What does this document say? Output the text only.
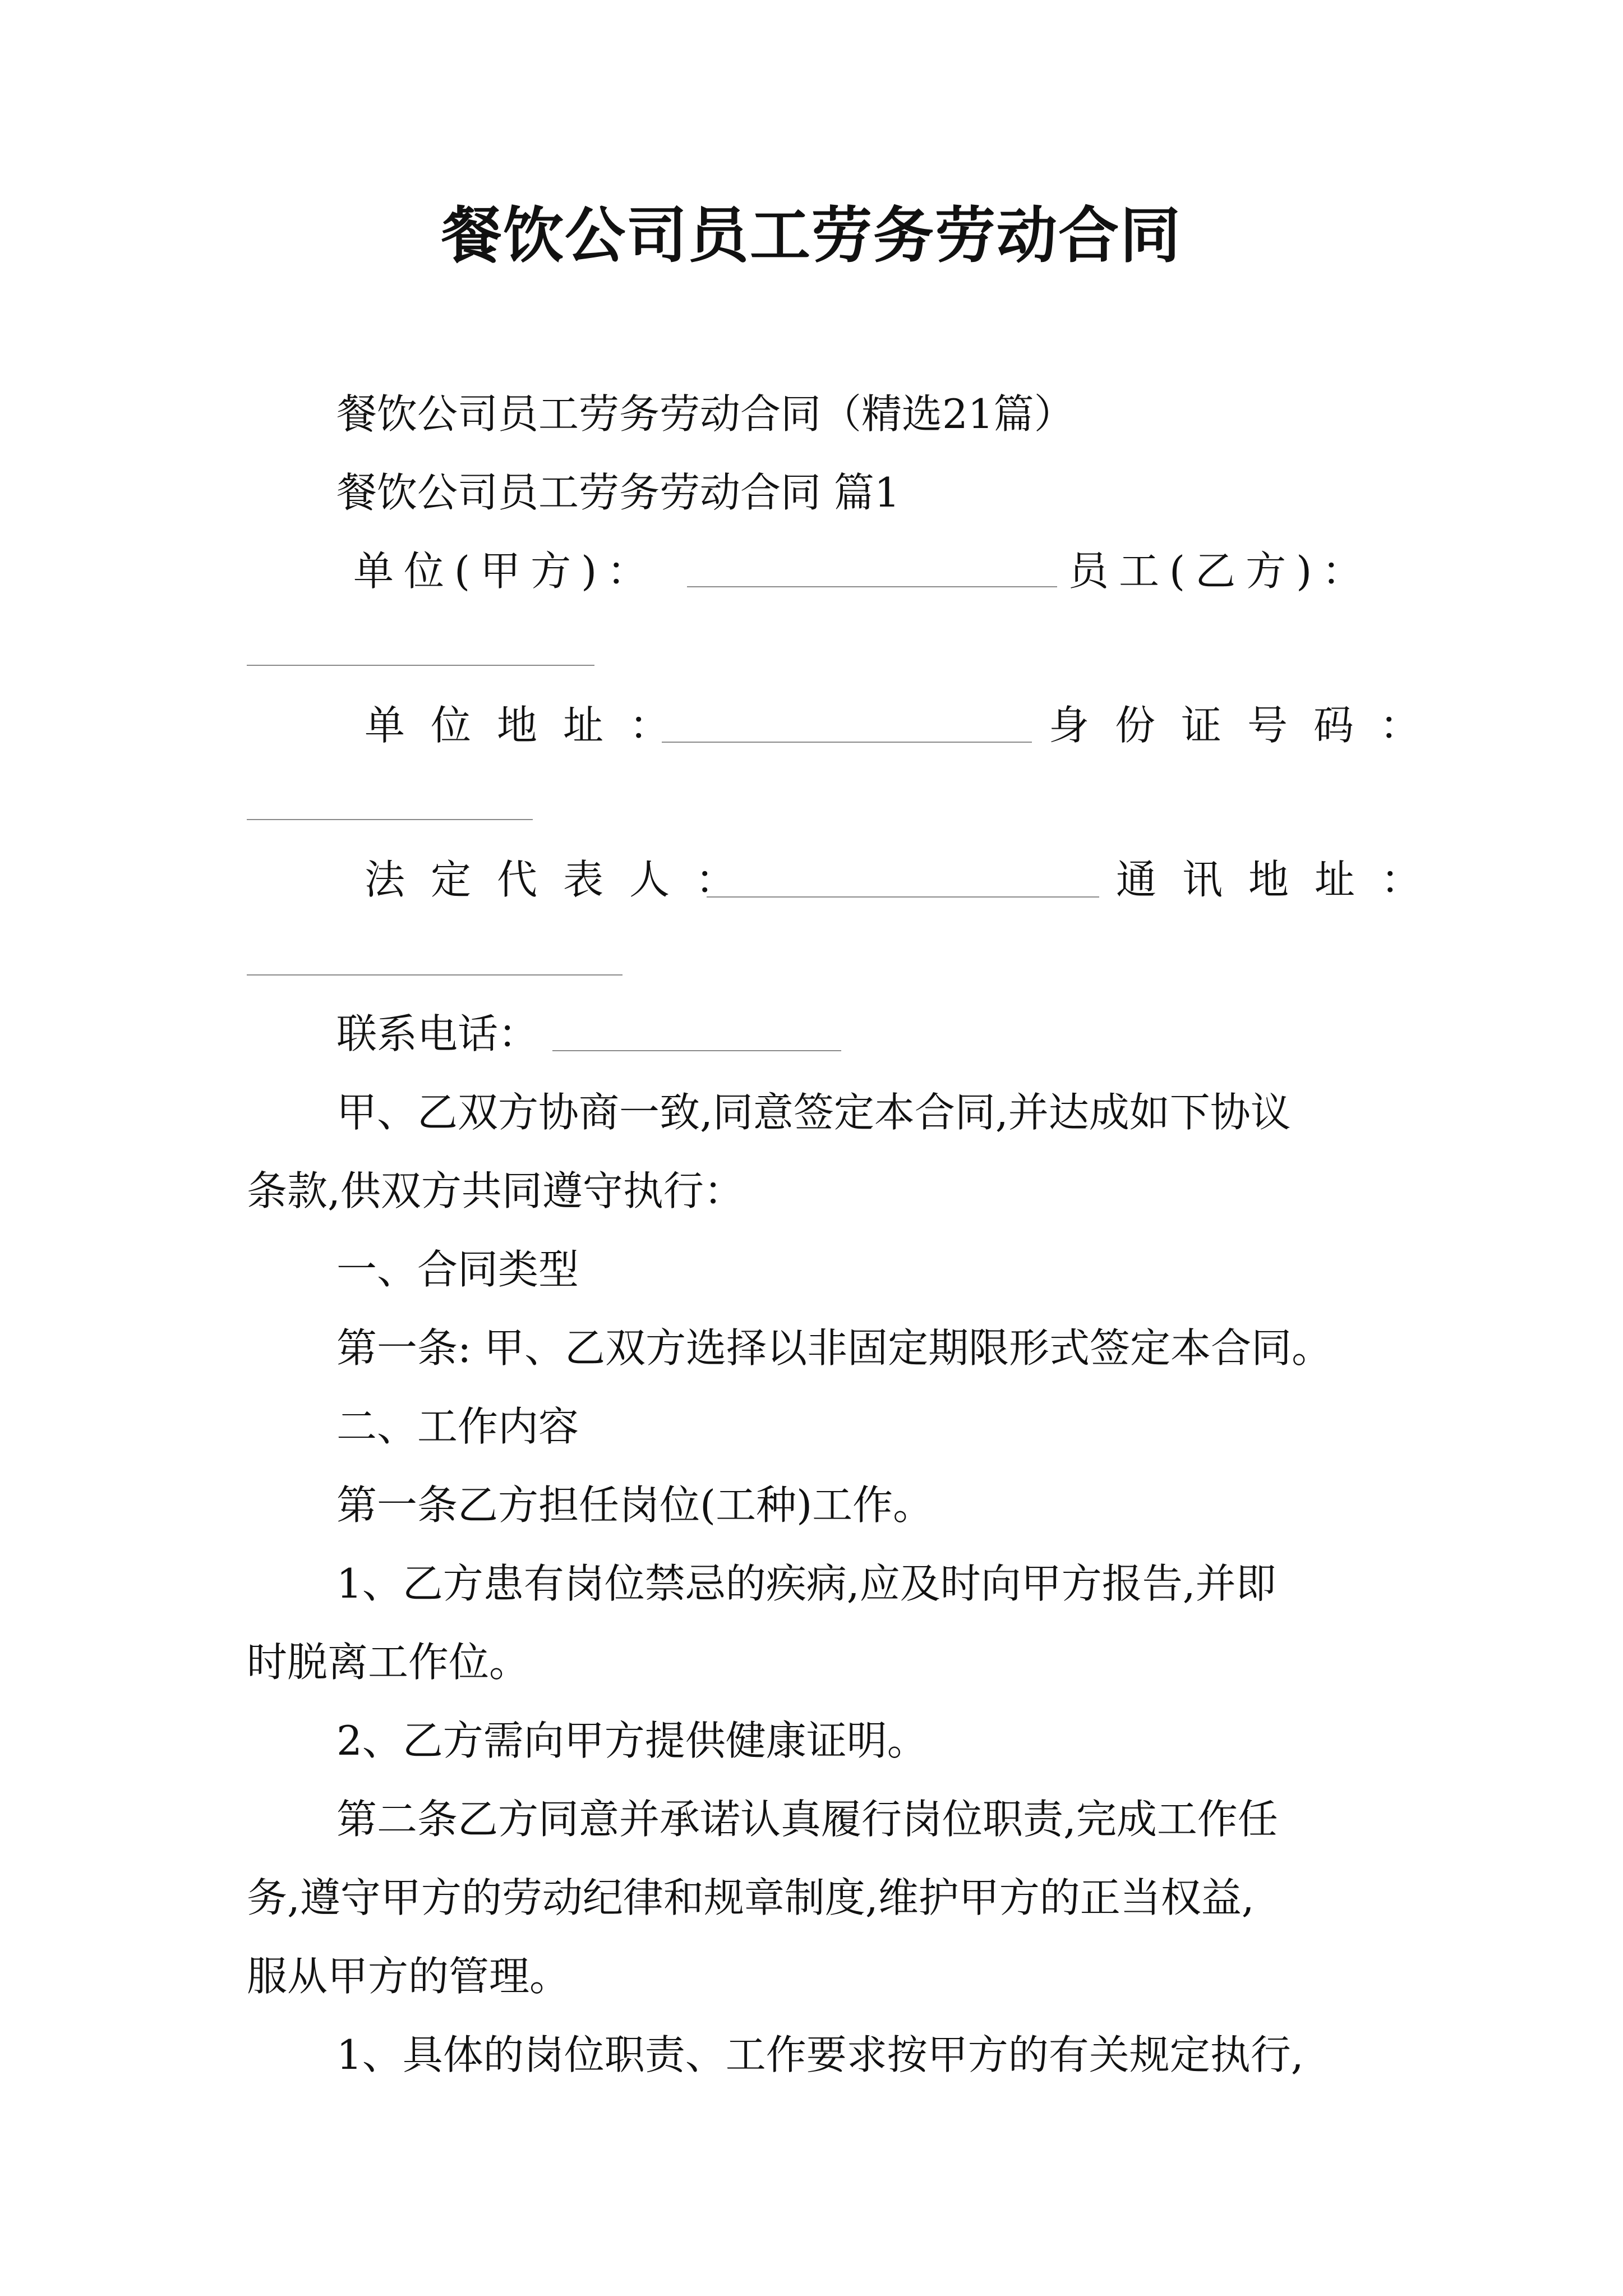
餐饮公司员工劳务劳动合同
餐饮公司员工劳务劳动合同（精选21篇）
餐饮公司员工劳务劳动合同 篇1
单位(甲方)：	员工(乙方)：
单位地址：	身份证号码：
法定代表人：	通讯地址：
联系电话：
甲、乙双方协商一致,同意签定本合同,并达成如下协议
条款,供双方共同遵守执行：
一、合同类型
第一条: 甲、乙双方选择以非固定期限形式签定本合同。
二、工作内容
第一条乙方担任岗位(工种)工作。
1、乙方患有岗位禁忌的疾病,应及时向甲方报告,并即
时脱离工作位。
2、乙方需向甲方提供健康证明。
第二条乙方同意并承诺认真履行岗位职责,完成工作任
务,遵守甲方的劳动纪律和规章制度,维护甲方的正当权益,
服从甲方的管理。
1、具体的岗位职责、工作要求按甲方的有关规定执行,
